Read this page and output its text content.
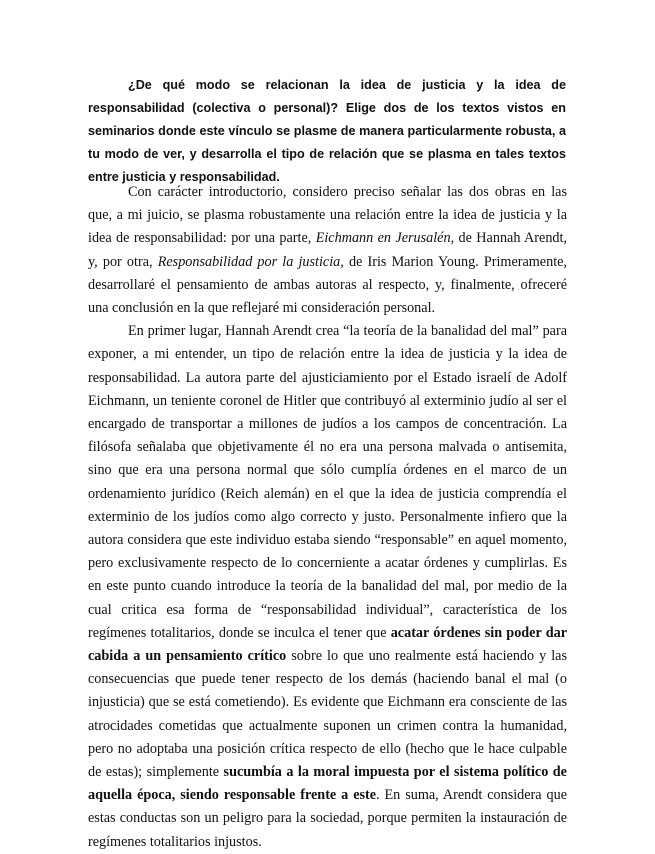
¿De qué modo se relacionan la idea de justicia y la idea de responsabilidad (colectiva o personal)? Elige dos de los textos vistos en seminarios donde este vínculo se plasme de manera particularmente robusta, a tu modo de ver, y desarrolla el tipo de relación que se plasma en tales textos entre justicia y responsabilidad.

Con carácter introductorio, considero preciso señalar las dos obras en las que, a mi juicio, se plasma robustamente una relación entre la idea de justicia y la idea de responsabilidad: por una parte, Eichmann en Jerusalén, de Hannah Arendt, y, por otra, Responsabilidad por la justicia, de Iris Marion Young. Primeramente, desarrollaré el pensamiento de ambas autoras al respecto, y, finalmente, ofreceré una conclusión en la que reflejaré mi consideración personal.

En primer lugar, Hannah Arendt crea “la teoría de la banalidad del mal” para exponer, a mi entender, un tipo de relación entre la idea de justicia y la idea de responsabilidad. La autora parte del ajusticiamiento por el Estado israelí de Adolf Eichmann, un teniente coronel de Hitler que contribuyó al exterminio judío al ser el encargado de transportar a millones de judíos a los campos de concentración. La filósofa señalaba que objetivamente él no era una persona malvada o antisemita, sino que era una persona normal que sólo cumplía órdenes en el marco de un ordenamiento jurídico (Reich alemán) en el que la idea de justicia comprendía el exterminio de los judíos como algo correcto y justo. Personalmente infiero que la autora considera que este individuo estaba siendo “responsable” en aquel momento, pero exclusivamente respecto de lo concerniente a acatar órdenes y cumplirlas. Es en este punto cuando introduce la teoría de la banalidad del mal, por medio de la cual critica esa forma de “responsabilidad individual”, característica de los regímenes totalitarios, donde se inculca el tener que acatar órdenes sin poder dar cabida a un pensamiento crítico sobre lo que uno realmente está haciendo y las consecuencias que puede tener respecto de los demás (haciendo banal el mal (o injusticia) que se está cometiendo). Es evidente que Eichmann era consciente de las atrocidades cometidas que actualmente suponen un crimen contra la humanidad, pero no adoptaba una posición crítica respecto de ello (hecho que le hace culpable de estas); simplemente sucumbía a la moral impuesta por el sistema político de aquella época, siendo responsable frente a este. En suma, Arendt considera que estas conductas son un peligro para la sociedad, porque permiten la instauración de regímenes totalitarios injustos.
